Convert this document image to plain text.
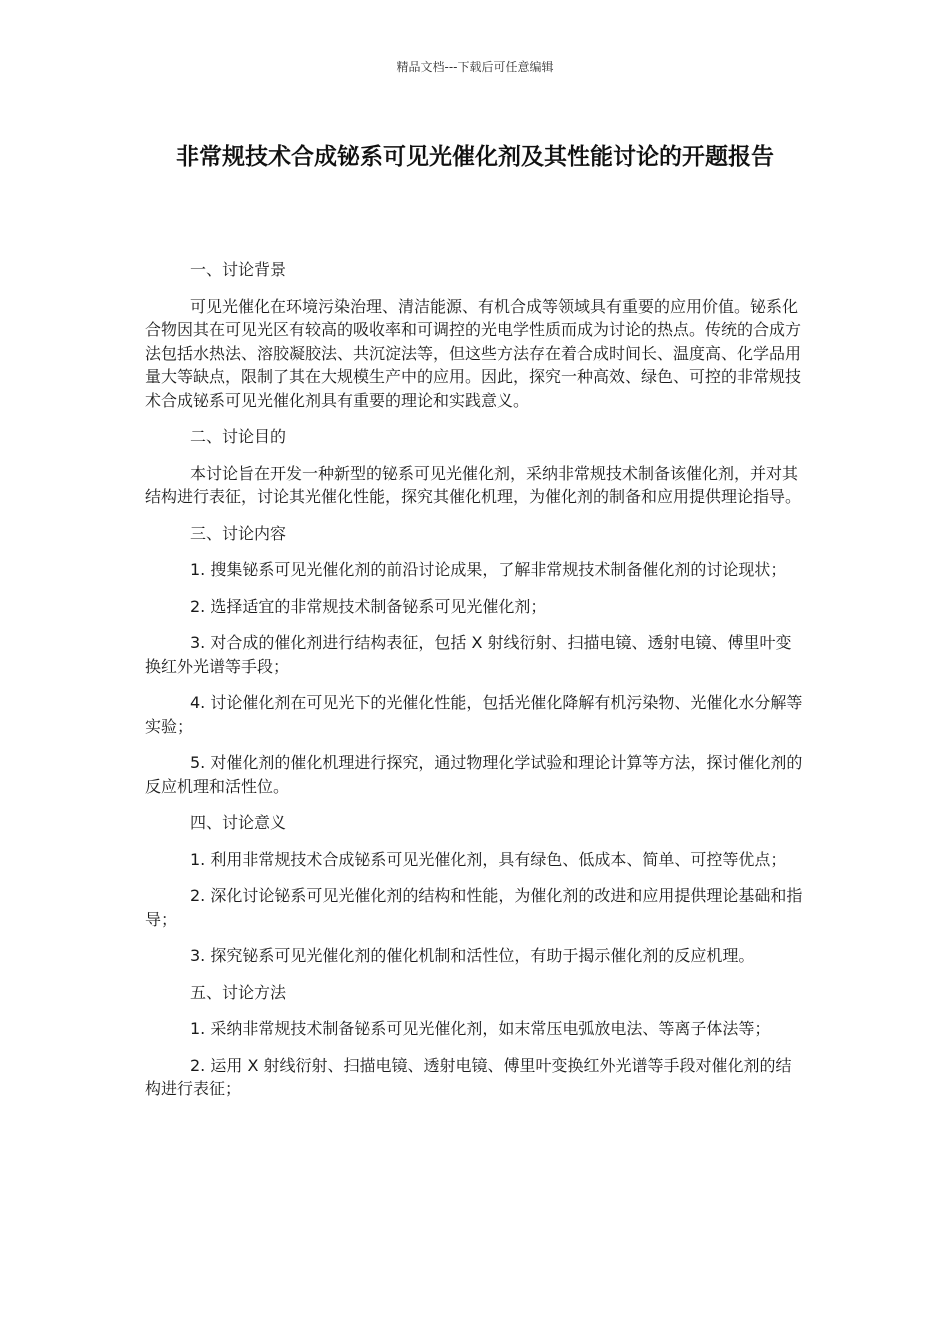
精品文档---下载后可任意编辑
非常规技术合成铋系可见光催化剂及其性能讨论的开题报告

一、讨论背景

可见光催化在环境污染治理、清洁能源、有机合成等领域具有重要的应用价值。铋系化合物因其在可见光区有较高的吸收率和可调控的光电学性质而成为讨论的热点。传统的合成方法包括水热法、溶胶凝胶法、共沉淀法等，但这些方法存在着合成时间长、温度高、化学品用量大等缺点，限制了其在大规模生产中的应用。因此，探究一种高效、绿色、可控的非常规技术合成铋系可见光催化剂具有重要的理论和实践意义。

二、讨论目的

本讨论旨在开发一种新型的铋系可见光催化剂，采纳非常规技术制备该催化剂，并对其结构进行表征，讨论其光催化性能，探究其催化机理，为催化剂的制备和应用提供理论指导。

三、讨论内容

1. 搜集铋系可见光催化剂的前沿讨论成果，了解非常规技术制备催化剂的讨论现状；

2. 选择适宜的非常规技术制备铋系可见光催化剂；

3. 对合成的催化剂进行结构表征，包括 X 射线衍射、扫描电镜、透射电镜、傅里叶变换红外光谱等手段；

4. 讨论催化剂在可见光下的光催化性能，包括光催化降解有机污染物、光催化水分解等实验；

5. 对催化剂的催化机理进行探究，通过物理化学试验和理论计算等方法，探讨催化剂的反应机理和活性位。

四、讨论意义

1. 利用非常规技术合成铋系可见光催化剂，具有绿色、低成本、简单、可控等优点；

2. 深化讨论铋系可见光催化剂的结构和性能，为催化剂的改进和应用提供理论基础和指导；

3. 探究铋系可见光催化剂的催化机制和活性位，有助于揭示催化剂的反应机理。

五、讨论方法

1. 采纳非常规技术制备铋系可见光催化剂，如末常压电弧放电法、等离子体法等；

2. 运用 X 射线衍射、扫描电镜、透射电镜、傅里叶变换红外光谱等手段对催化剂的结构进行表征；
